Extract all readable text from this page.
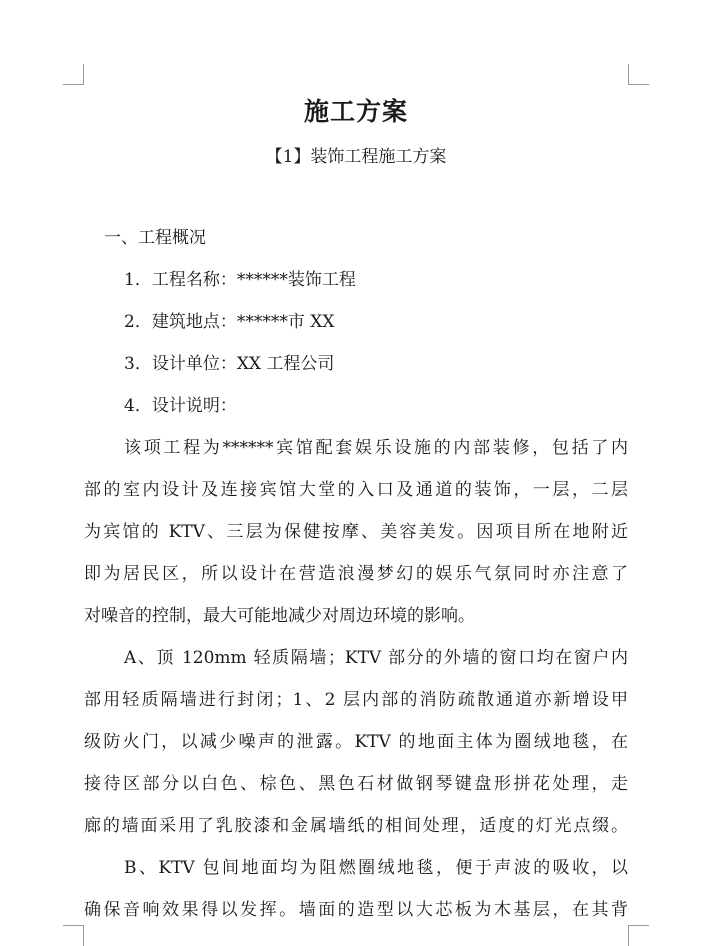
施工方案
【1】装饰工程施工方案
一、工程概况
1．工程名称：******装饰工程
2．建筑地点：******市 XX
3．设计单位：XX 工程公司
4．设计说明：
该项工程为******宾馆配套娱乐设施的内部装修，包括了内
部的室内设计及连接宾馆大堂的入口及通道的装饰，一层，二层
为宾馆的 KTV、三层为保健按摩、美容美发。因项目所在地附近
即为居民区，所以设计在营造浪漫梦幻的娱乐气氛同时亦注意了
对噪音的控制，最大可能地减少对周边环境的影响。
A、顶 120mm 轻质隔墙；KTV 部分的外墙的窗口均在窗户内
部用轻质隔墙进行封闭；1、2 层内部的消防疏散通道亦新增设甲
级防火门，以减少噪声的泄露。KTV 的地面主体为圈绒地毯，在
接待区部分以白色、棕色、黑色石材做钢琴键盘形拼花处理，走
廊的墙面采用了乳胶漆和金属墙纸的相间处理，适度的灯光点缀。
B、KTV 包间地面均为阻燃圈绒地毯，便于声波的吸收，以
确保音响效果得以发挥。墙面的造型以大芯板为木基层，在其背
